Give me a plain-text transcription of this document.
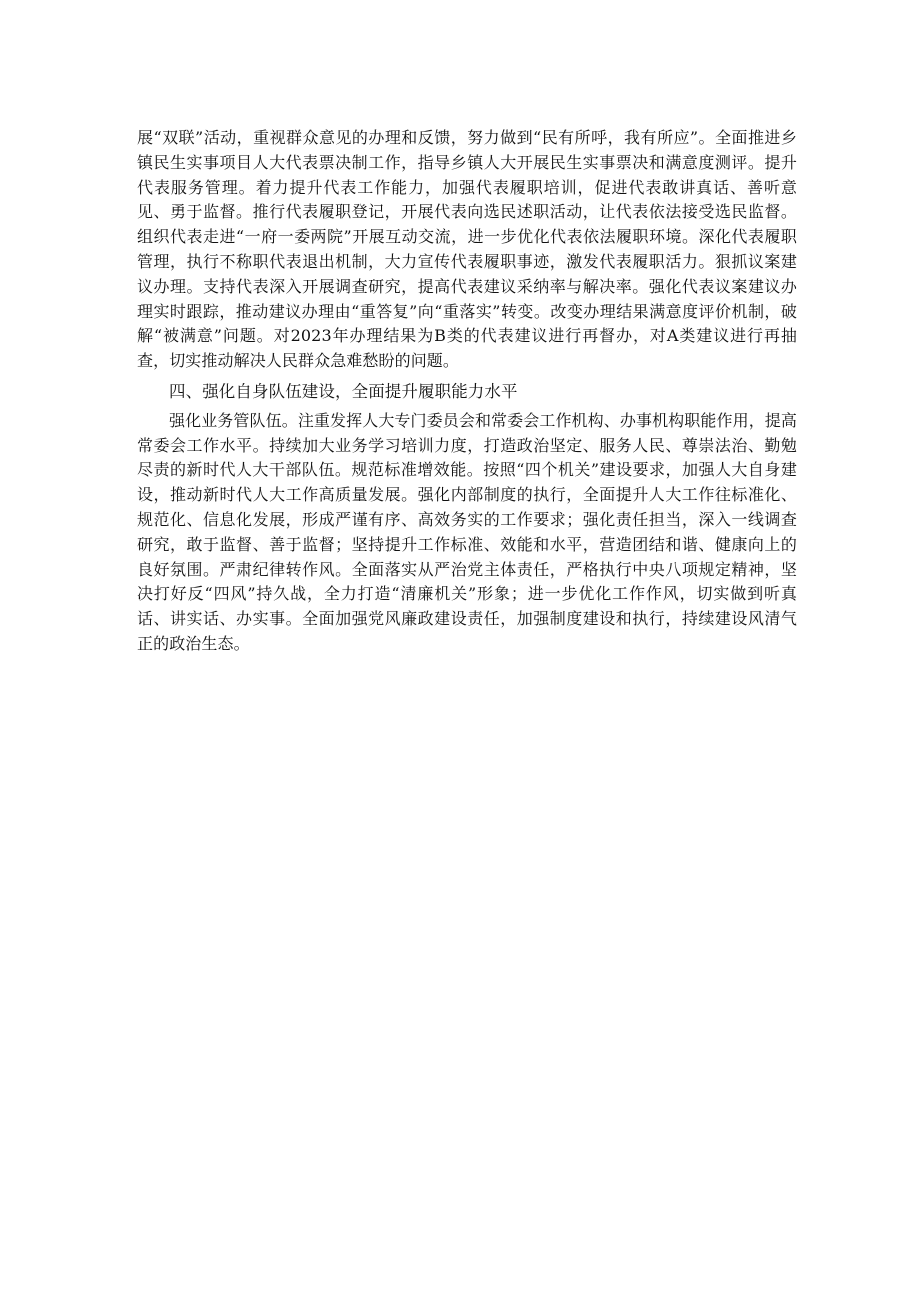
展“双联”活动，重视群众意见的办理和反馈，努力做到“民有所呼，我有所应”。全面推进乡镇民生实事项目人大代表票决制工作，指导乡镇人大开展民生实事票决和满意度测评。提升代表服务管理。着力提升代表工作能力，加强代表履职培训，促进代表敢讲真话、善听意见、勇于监督。推行代表履职登记，开展代表向选民述职活动，让代表依法接受选民监督。组织代表走进“一府一委两院”开展互动交流，进一步优化代表依法履职环境。深化代表履职管理，执行不称职代表退出机制，大力宣传代表履职事迹，激发代表履职活力。狠抓议案建议办理。支持代表深入开展调查研究，提高代表建议采纳率与解决率。强化代表议案建议办理实时跟踪，推动建议办理由“重答复”向“重落实”转变。改变办理结果满意度评价机制，破解“被满意”问题。对2023年办理结果为B类的代表建议进行再督办，对A类建议进行再抽查，切实推动解决人民群众急难愁盼的问题。

四、强化自身队伍建设，全面提升履职能力水平

强化业务管队伍。注重发挥人大专门委员会和常委会工作机构、办事机构职能作用，提高常委会工作水平。持续加大业务学习培训力度，打造政治坚定、服务人民、尊崇法治、勤勉尽责的新时代人大干部队伍。规范标准增效能。按照“四个机关”建设要求，加强人大自身建设，推动新时代人大工作高质量发展。强化内部制度的执行，全面提升人大工作往标准化、规范化、信息化发展，形成严谨有序、高效务实的工作要求；强化责任担当，深入一线调查研究，敢于监督、善于监督；坚持提升工作标准、效能和水平，营造团结和谐、健康向上的良好氛围。严肃纪律转作风。全面落实从严治党主体责任，严格执行中央八项规定精神，坚决打好反“四风”持久战，全力打造“清廉机关”形象；进一步优化工作作风，切实做到听真话、讲实话、办实事。全面加强党风廉政建设责任，加强制度建设和执行，持续建设风清气正的政治生态。
